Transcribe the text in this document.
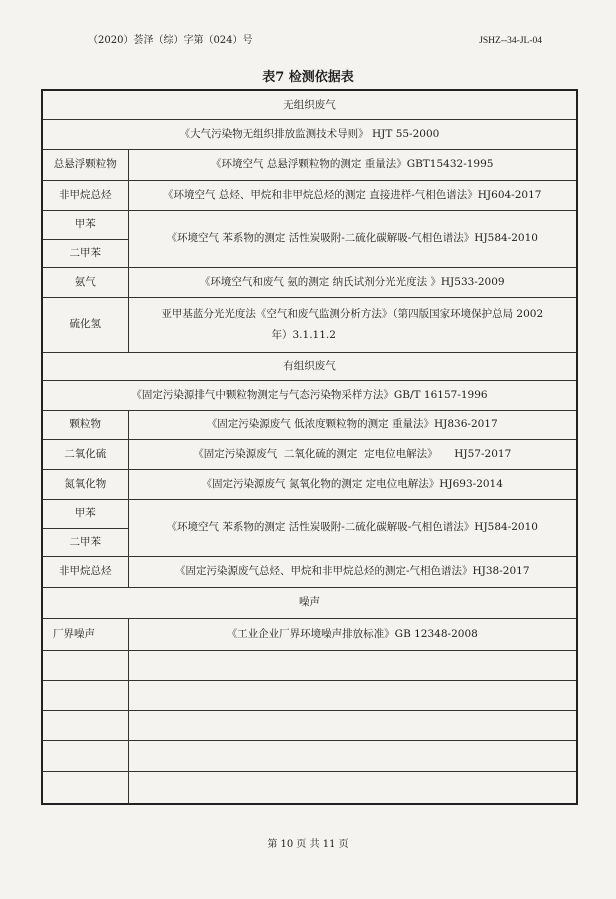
（2020）荟泽（综）字第（024）号	JSHZ--34-JL-04
表7 检测依据表
无组织废气	
《大气污染物无组织排放监测技术导则》 HJT 55-2000	
总悬浮颗粒物	《环境空气 总悬浮颗粒物的测定 重量法》GBT15432-1995
非甲烷总烃	《环境空气 总烃、甲烷和非甲烷总烃的测定 直接进样-气相色谱法》HJ604-2017
甲苯	《环境空气 苯系物的测定 活性炭吸附-二硫化碳解吸-气相色谱法》HJ584-2010
二甲苯	
氨气	《环境空气和废气 氨的测定 纳氏试剂分光光度法 》HJ533-2009
硫化氢	亚甲基蓝分光光度法《空气和废气监测分析方法》（第四版国家环境保护总局 2002
年）3.1.11.2

有组织废气	
《固定污染源排气中颗粒物测定与气态污染物采样方法》GB/T 16157-1996	
颗粒物	《固定污染源废气 低浓度颗粒物的测定 重量法》HJ836-2017
二氧化硫	《固定污染源废气  二氧化硫的测定  定电位电解法》     HJ57-2017
氮氧化物	《固定污染源废气 氮氧化物的测定 定电位电解法》HJ693-2014
甲苯	《环境空气 苯系物的测定 活性炭吸附-二硫化碳解吸-气相色谱法》HJ584-2010
二甲苯	
非甲烷总烃	《固定污染源废气总烃、甲烷和非甲烷总烃的测定-气相色谱法》HJ38-2017
噪声	
厂界噪声	《工业企业厂界环境噪声排放标准》GB 12348-2008

第 10 页 共 11 页
